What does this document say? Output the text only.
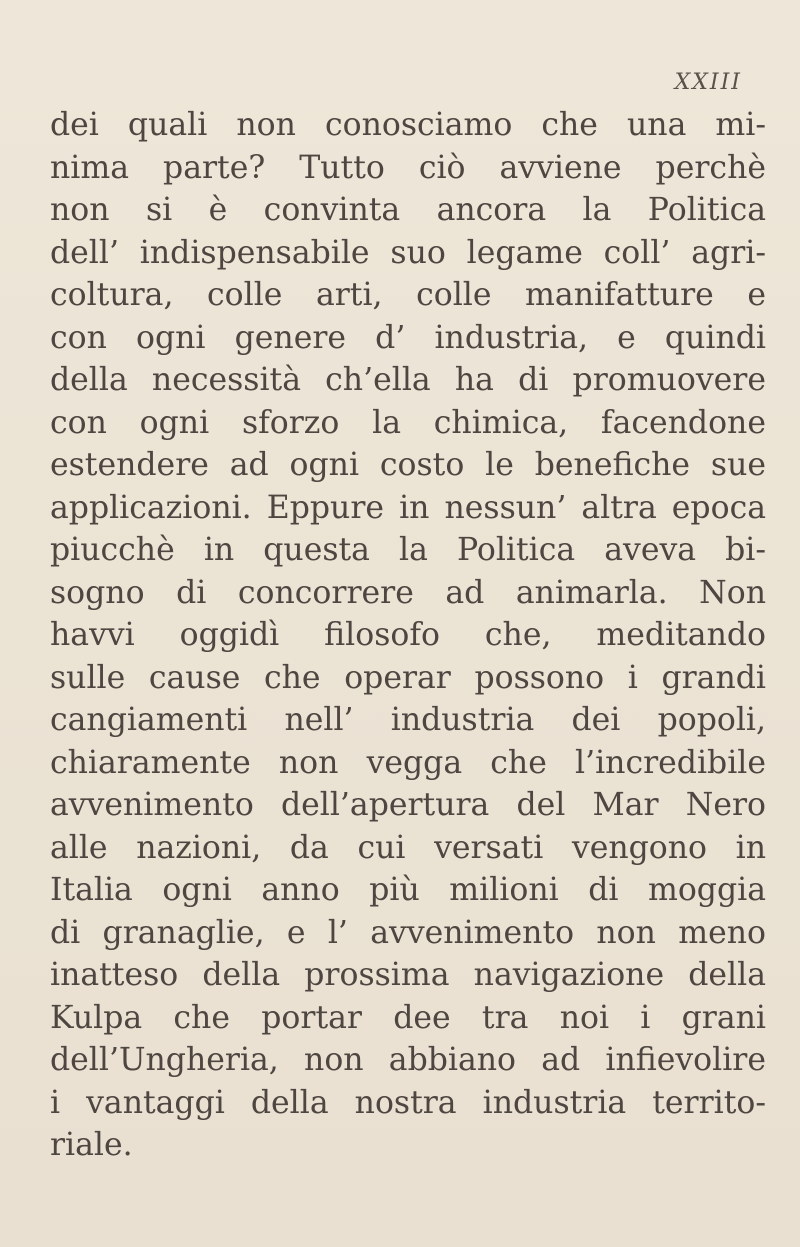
XXIII
dei quali non conosciamo che una mi-
nima parte? Tutto ciò avviene perchè
non si è convinta ancora la Politica
dell’ indispensabile suo legame coll’ agri-
coltura, colle arti, colle manifatture e
con ogni genere d’ industria, e quindi
della necessità ch’ella ha di promuovere
con ogni sforzo la chimica, facendone
estendere ad ogni costo le benefiche sue
applicazioni. Eppure in nessun’ altra epoca
piucchè in questa la Politica aveva bi-
sogno di concorrere ad animarla. Non
havvi oggidì filosofo che, meditando
sulle cause che operar possono i grandi
cangiamenti nell’ industria dei popoli,
chiaramente non vegga che l’incredibile
avvenimento dell’apertura del Mar Nero
alle nazioni, da cui versati vengono in
Italia ogni anno più milioni di moggia
di granaglie, e l’ avvenimento non meno
inatteso della prossima navigazione della
Kulpa che portar dee tra noi i grani
dell’Ungheria, non abbiano ad infievolire
i vantaggi della nostra industria territo-
riale.
